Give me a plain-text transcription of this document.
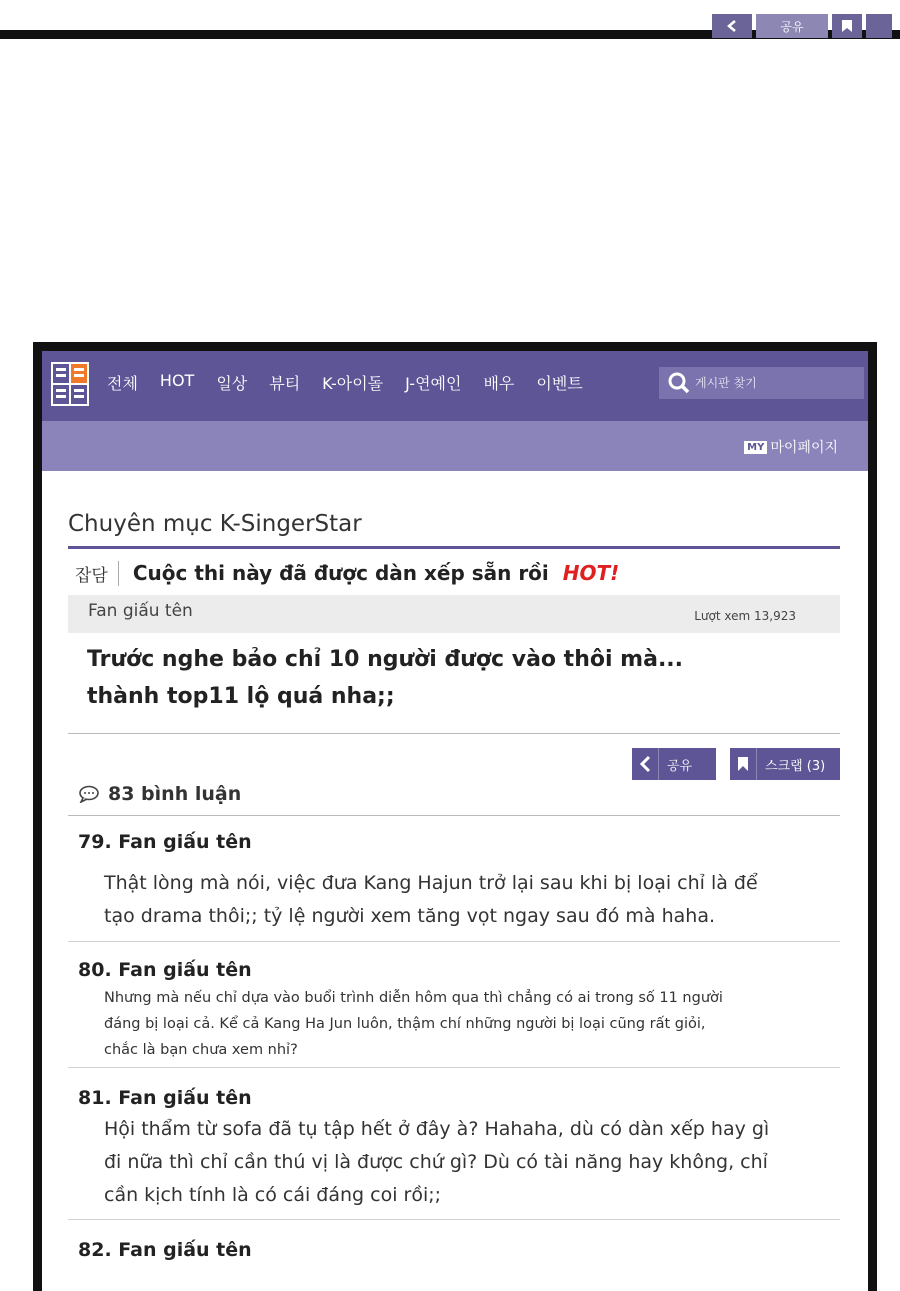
공유
전체 HOT 일상 뷰티 K-아이돌 J-연예인 배우 이벤트
게시판 찾기
MY 마이페이지
Chuyên mục K-SingerStar
잡담	Cuộc thi này đã được dàn xếp sẵn rồi HOT!
Fan giấu tên	Lượt xem 13,923
Trước nghe bảo chỉ 10 người được vào thôi mà...
thành top11 lộ quá nha;;
공유	스크랩 (3)
83 bình luận
79. Fan giấu tên
Thật lòng mà nói, việc đưa Kang Hajun trở lại sau khi bị loại chỉ là để
tạo drama thôi;; tỷ lệ người xem tăng vọt ngay sau đó mà haha.
80. Fan giấu tên
Nhưng mà nếu chỉ dựa vào buổi trình diễn hôm qua thì chẳng có ai trong số 11 người
đáng bị loại cả. Kể cả Kang Ha Jun luôn, thậm chí những người bị loại cũng rất giỏi,
chắc là bạn chưa xem nhỉ?
81. Fan giấu tên
Hội thẩm từ sofa đã tụ tập hết ở đây à? Hahaha, dù có dàn xếp hay gì
đi nữa thì chỉ cần thú vị là được chứ gì? Dù có tài năng hay không, chỉ
cần kịch tính là có cái đáng coi rồi;;
82. Fan giấu tên
